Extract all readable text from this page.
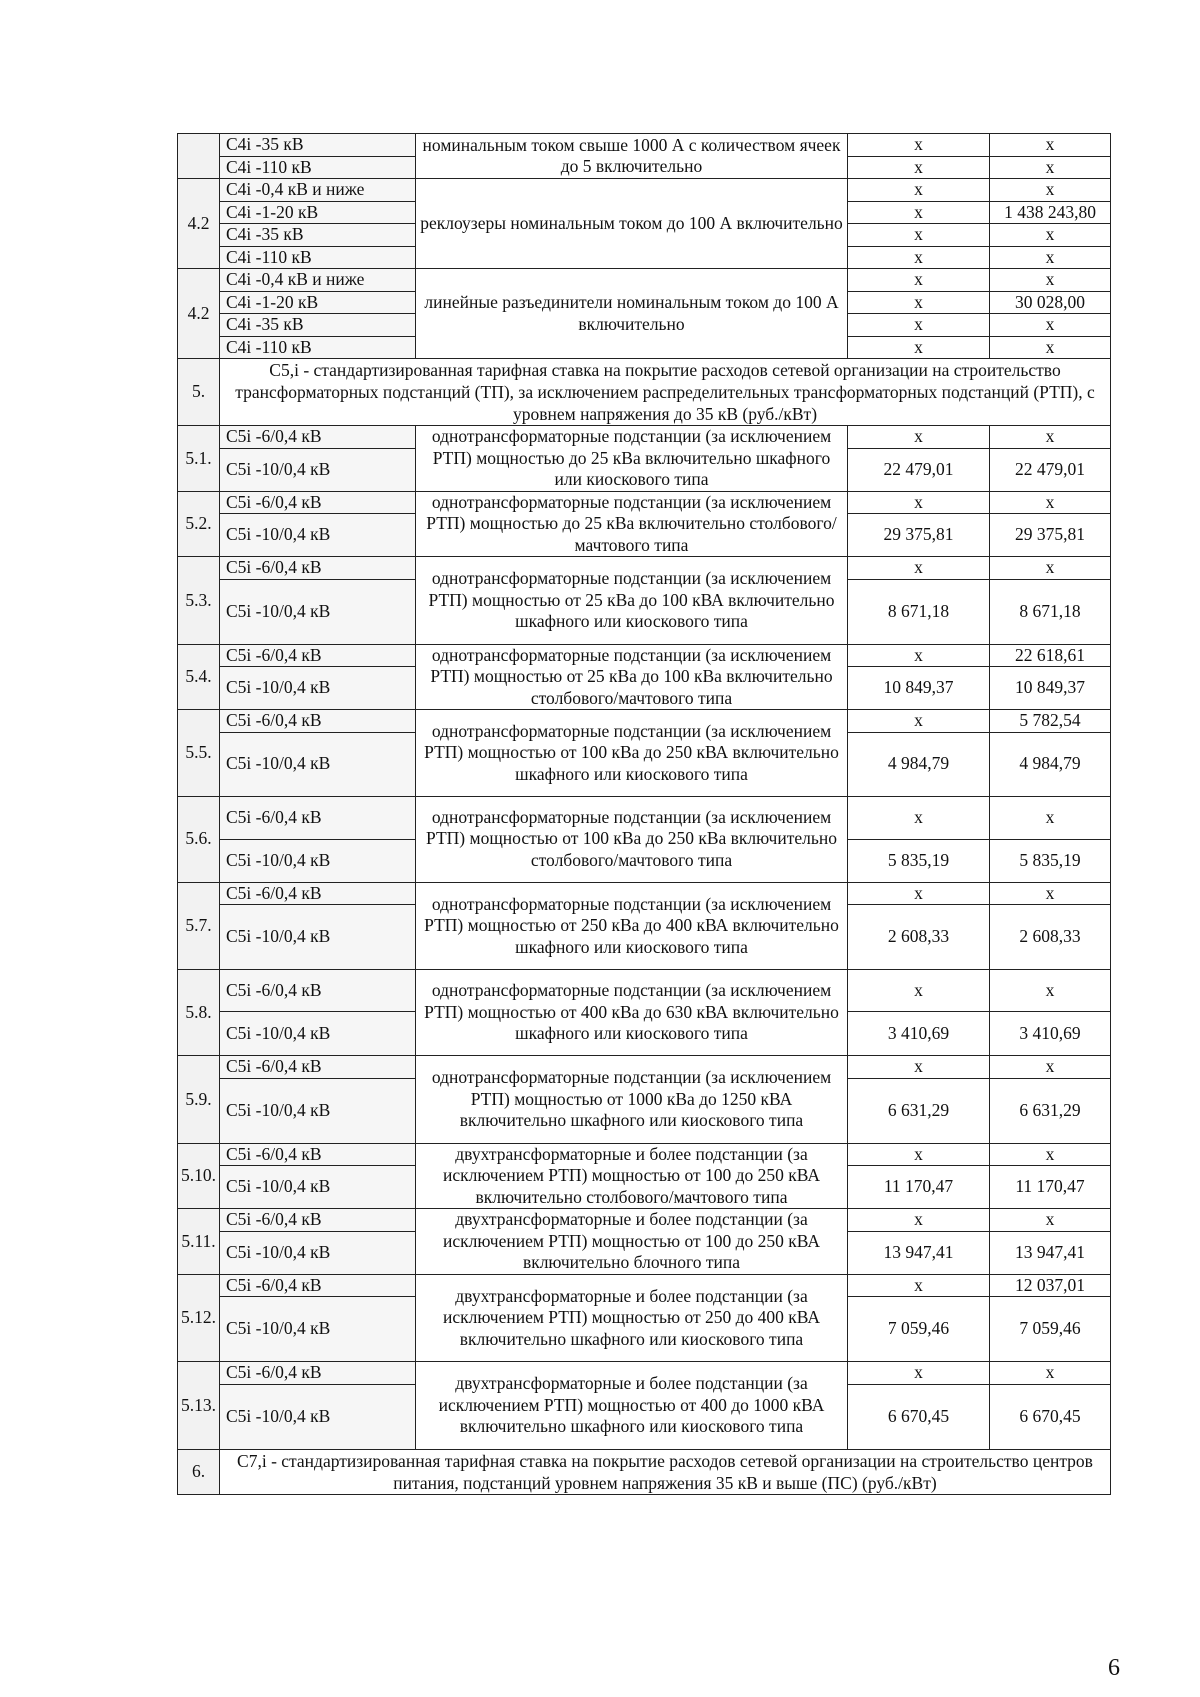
	С4i -35 кВ	номинальным током свыше 1000 А с количеством ячеек до 5 включительно	х	х
	С4i -110 кВ		х	х
4.2	С4i -0,4 кВ и ниже	реклоузеры номинальным током до 100 А включительно	х	х
	С4i -1-20 кВ		х	1 438 243,80
	С4i -35 кВ		х	х
	С4i -110 кВ		х	х
4.2	С4i -0,4 кВ и ниже	линейные разъединители номинальным током до 100 А включительно	х	х
	С4i -1-20 кВ		х	30 028,00
	С4i -35 кВ		х	х
	С4i -110 кВ		х	х
5.	С5,i - стандартизированная тарифная ставка на покрытие расходов сетевой организации на строительство трансформаторных подстанций (ТП), за исключением распределительных трансформаторных подстанций (РТП), с уровнем напряжения до 35 кВ (руб./кВт)			
5.1.	С5i -6/0,4 кВ	однотрансформаторные подстанции (за исключением РТП) мощностью до 25 кВа включительно шкафного или киоскового типа	х	х
	С5i -10/0,4 кВ		22 479,01	22 479,01
5.2.	С5i -6/0,4 кВ	однотрансформаторные подстанции (за исключением РТП) мощностью до 25 кВа включительно столбового/мачтового типа	х	х
	С5i -10/0,4 кВ		29 375,81	29 375,81
5.3.	С5i -6/0,4 кВ	однотрансформаторные подстанции (за исключением РТП) мощностью от 25 кВа до 100 кВА включительно шкафного или киоскового типа	х	х
	С5i -10/0,4 кВ		8 671,18	8 671,18
5.4.	С5i -6/0,4 кВ	однотрансформаторные подстанции (за исключением РТП) мощностью от 25 кВа до 100 кВа включительно столбового/мачтового типа	х	22 618,61
	С5i -10/0,4 кВ		10 849,37	10 849,37
5.5.	С5i -6/0,4 кВ	однотрансформаторные подстанции (за исключением РТП) мощностью от 100 кВа до 250 кВА включительно шкафного или киоскового типа	х	5 782,54
	С5i -10/0,4 кВ		4 984,79	4 984,79
5.6.	С5i -6/0,4 кВ	однотрансформаторные подстанции (за исключением РТП) мощностью от 100 кВа до 250 кВа включительно столбового/мачтового типа	х	х
	С5i -10/0,4 кВ		5 835,19	5 835,19
5.7.	С5i -6/0,4 кВ	однотрансформаторные подстанции (за исключением РТП) мощностью от 250 кВа до 400 кВА включительно шкафного или киоскового типа	х	х
	С5i -10/0,4 кВ		2 608,33	2 608,33
5.8.	С5i -6/0,4 кВ	однотрансформаторные подстанции (за исключением РТП) мощностью от 400 кВа до 630 кВА включительно шкафного или киоскового типа	х	х
	С5i -10/0,4 кВ		3 410,69	3 410,69
5.9.	С5i -6/0,4 кВ	однотрансформаторные подстанции (за исключением РТП) мощностью от 1000 кВа до 1250 кВА включительно шкафного или киоскового типа	х	х
	С5i -10/0,4 кВ		6 631,29	6 631,29
5.10.	С5i -6/0,4 кВ	двухтрансформаторные и более подстанции (за исключением РТП) мощностью от 100 до 250 кВА включительно столбового/мачтового типа	х	х
	С5i -10/0,4 кВ		11 170,47	11 170,47
5.11.	С5i -6/0,4 кВ	двухтрансформаторные и более подстанции (за исключением РТП) мощностью от 100 до 250 кВА включительно блочного типа	х	х
	С5i -10/0,4 кВ		13 947,41	13 947,41
5.12.	С5i -6/0,4 кВ	двухтрансформаторные и более подстанции (за исключением РТП) мощностью от 250 до 400 кВА включительно шкафного или киоскового типа	х	12 037,01
	С5i -10/0,4 кВ		7 059,46	7 059,46
5.13.	С5i -6/0,4 кВ	двухтрансформаторные и более подстанции (за исключением РТП) мощностью от 400 до 1000 кВА включительно шкафного или киоскового типа	х	х
	С5i -10/0,4 кВ		6 670,45	6 670,45
6.	С7,i - стандартизированная тарифная ставка на покрытие расходов сетевой организации на строительство центров питания, подстанций уровнем напряжения 35 кВ и выше (ПС) (руб./кВт)			
6
